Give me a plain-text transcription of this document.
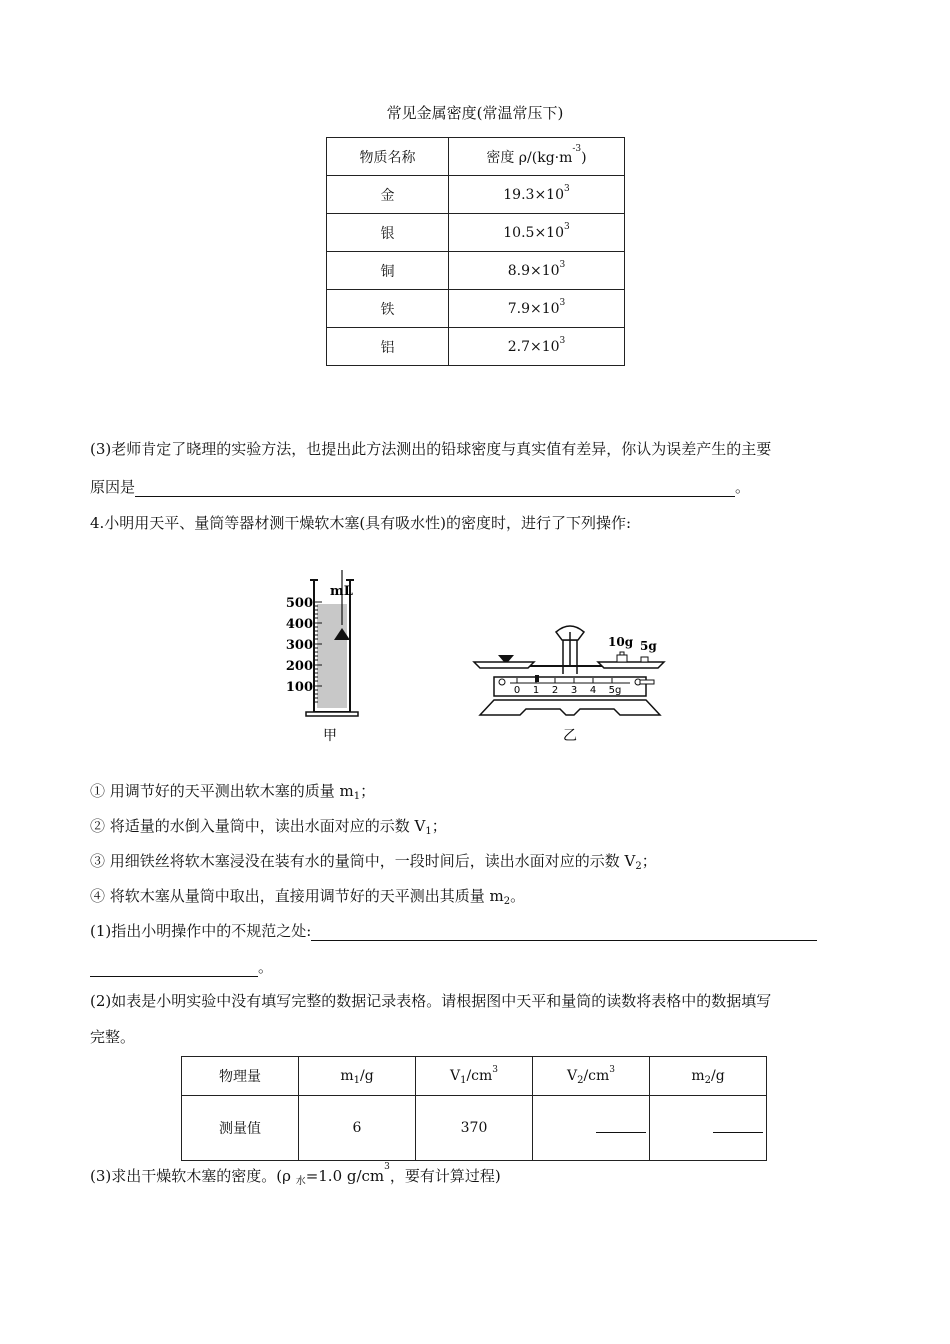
常见金属密度(常温常压下)
物质名称	密度 $\rho/(kg\cdot m^{-3})$
金	$19.3\times 10^3$
银	$10.5\times 10^3$
铜	$8.9\times 10^3$
铁	$7.9\times 10^3$
铝	$2.7\times 10^3$
(3)老师肯定了晓理的实验方法，也提出此方法测出的铅球密度与真实值有差异，你认为误差产生的主要
原因是	。
4.小明用天平、量筒等器材测干燥软木塞(具有吸水性)的密度时，进行了下列操作:
mL
500
400
300
200
100
甲
0 1 2 3 4 5g
10g 5g
乙
① 用调节好的天平测出软木塞的质量 $m_1$；
② 将适量的水倒入量筒中，读出水面对应的示数 $V_1$；
③ 用细铁丝将软木塞浸没在装有水的量筒中，一段时间后，读出水面对应的示数 $V_2$；
④ 将软木塞从量筒中取出，直接用调节好的天平测出其质量 $m_2$。
(1)指出小明操作中的不规范之处:
。
(2)如表是小明实验中没有填写完整的数据记录表格。请根据图中天平和量筒的读数将表格中的数据填写
完整。
物理量	$m_1/g$	$V_1/cm^3$	$V_2/cm^3$	$m_2/g$
测量值	6	370		
(3)求出干燥软木塞的密度。(ρ $_水$=1.0 $g/cm^3$，要有计算过程)
